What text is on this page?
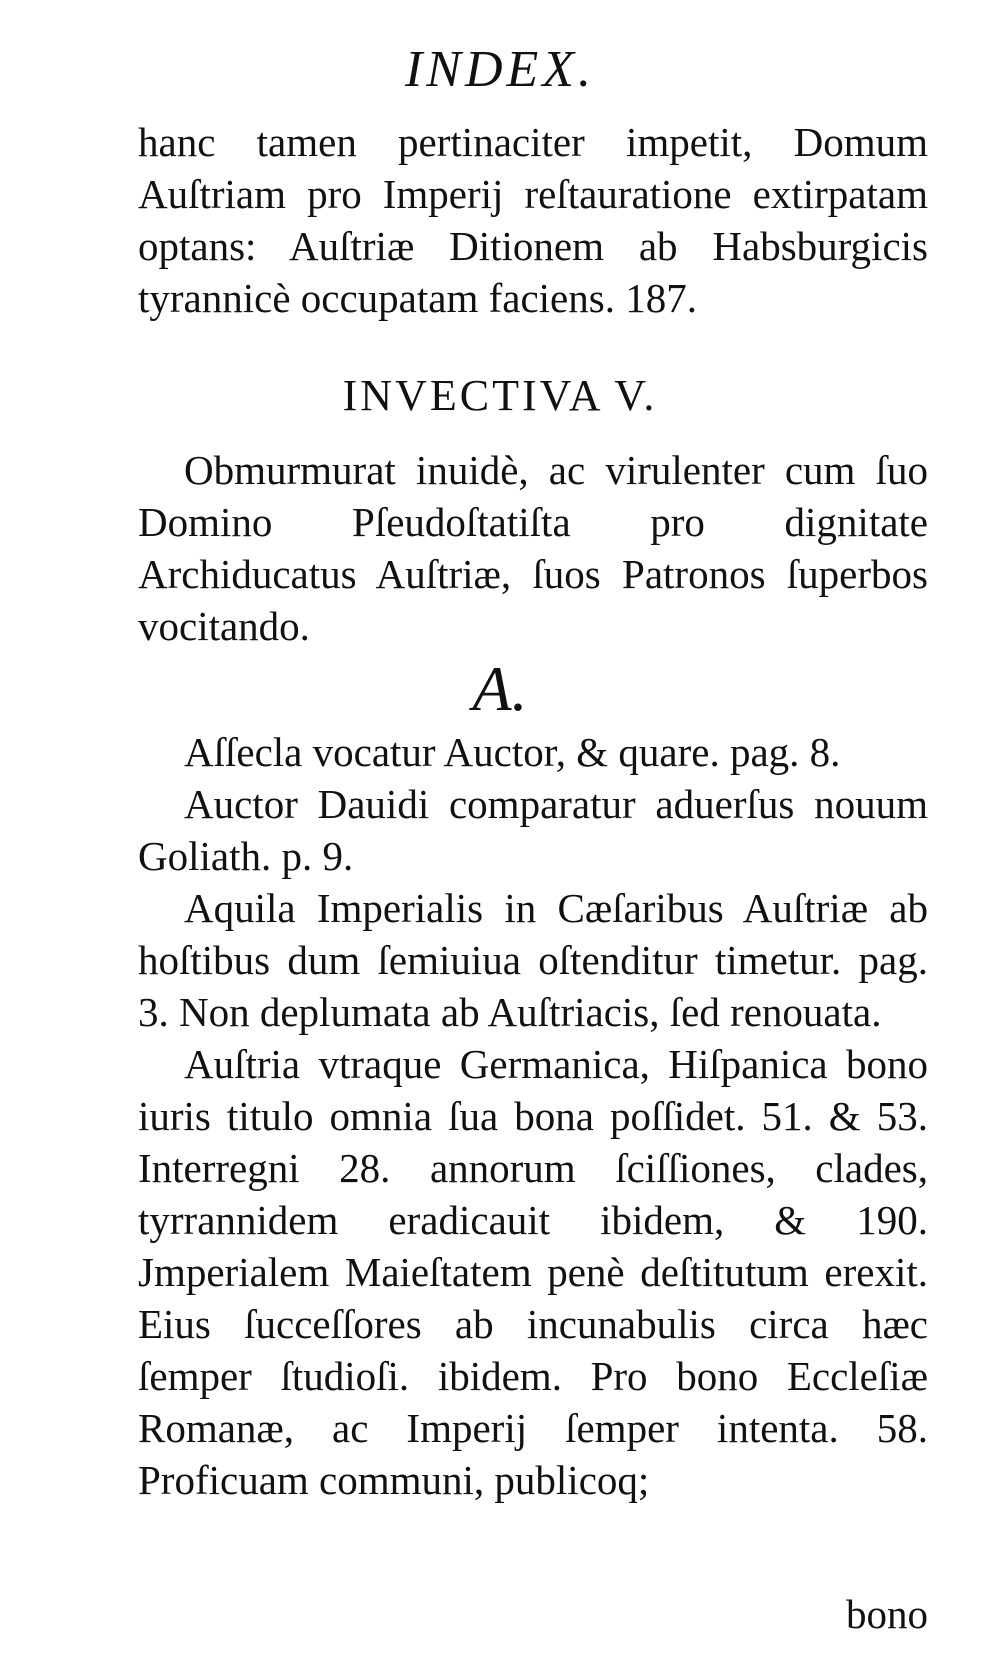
INDEX.

hanc tamen pertinaciter impetit, Domum Auſtriam pro Imperij reſtauratione extirpatam optans: Auſtriæ Ditionem ab Habsburgicis tyrannicè occupatam faciens. 187.

INVECTIVA V.

Obmurmurat inuidè, ac virulenter cum ſuo Domino Pſeudoſtatiſta pro dignitate Archiducatus Auſtriæ, ſuos Patronos ſuperbos vocitando.

A.

Aſſecla vocatur Auctor, & quare. pag. 8.

Auctor Dauidi comparatur aduerſus nouum Goliath. p. 9.

Aquila Imperialis in Cæſaribus Auſtriæ ab hoſtibus dum ſemiuiua oſtenditur timetur. pag. 3. Non deplumata ab Auſtriacis, ſed renouata.

Auſtria vtraque Germanica, Hiſpanica bono iuris titulo omnia ſua bona poſſidet. 51. & 53. Interregni 28. annorum ſciſſiones, clades, tyrrannidem eradicauit ibidem, & 190. Jmperialem Maieſtatem penè deſtitutum erexit. Eius ſucceſſores ab incunabulis circa hæc ſemper ſtudioſi. ibidem. Pro bono Eccleſiæ Romanæ, ac Imperij ſemper intenta. 58. Proficuam communi, publicoq;

bono
